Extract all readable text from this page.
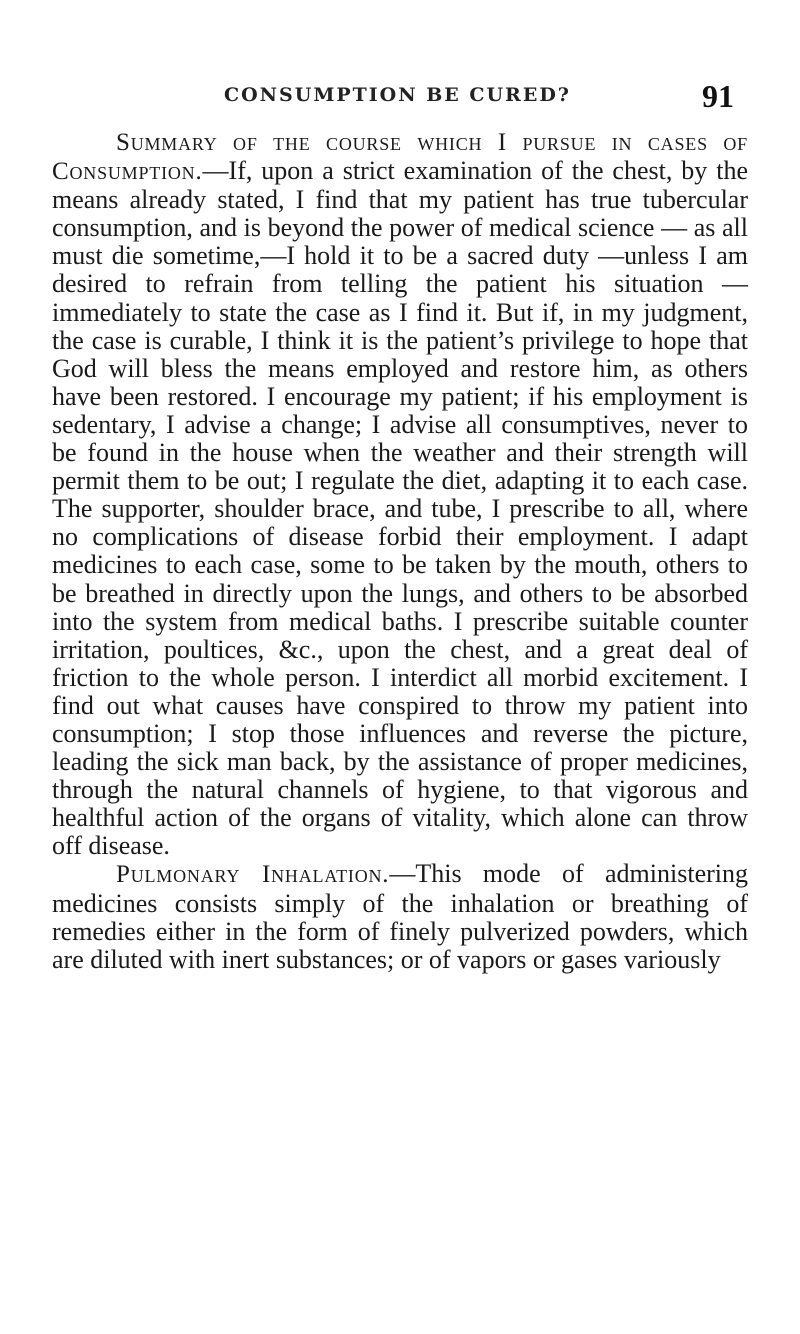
CONSUMPTION BE CURED?	91

Summary of the course which I pursue in cases of Consumption.—If, upon a strict examination of the chest, by the means already stated, I find that my patient has true tubercular consumption, and is beyond the power of medical science — as all must die sometime,—I hold it to be a sacred duty —unless I am desired to refrain from telling the patient his situation — immediately to state the case as I find it. But if, in my judgment, the case is curable, I think it is the patient’s privilege to hope that God will bless the means employed and restore him, as others have been restored. I encourage my patient; if his employment is sedentary, I advise a change; I advise all consumptives, never to be found in the house when the weather and their strength will permit them to be out; I regulate the diet, adapting it to each case. The supporter, shoulder brace, and tube, I prescribe to all, where no complications of disease forbid their employment. I adapt medicines to each case, some to be taken by the mouth, others to be breathed in directly upon the lungs, and others to be absorbed into the system from medical baths. I prescribe suitable counter irritation, poultices, &c., upon the chest, and a great deal of friction to the whole person. I interdict all morbid excitement. I find out what causes have conspired to throw my patient into consumption; I stop those influences and reverse the picture, leading the sick man back, by the assistance of proper medicines, through the natural channels of hygiene, to that vigorous and healthful action of the organs of vitality, which alone can throw off disease.

Pulmonary Inhalation.—This mode of administering medicines consists simply of the inhalation or breathing of remedies either in the form of finely pulverized powders, which are diluted with inert substances; or of vapors or gases variously
